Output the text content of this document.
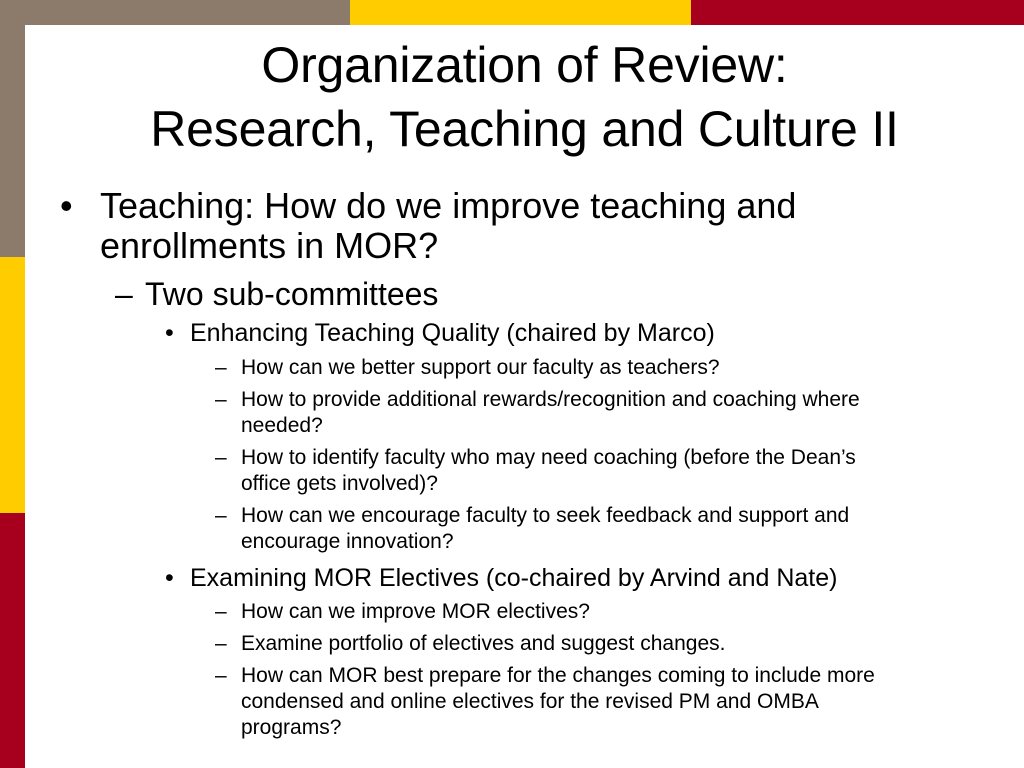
Organization of Review:
Research, Teaching and Culture II
• Teaching: How do we improve teaching and
enrollments in MOR?
– Two sub-committees
• Enhancing Teaching Quality (chaired by Marco)
– How can we better support our faculty as teachers?
– How to provide additional rewards/recognition and coaching where
needed?
– How to identify faculty who may need coaching (before the Dean’s
office gets involved)?
– How can we encourage faculty to seek feedback and support and
encourage innovation?
• Examining MOR Electives (co-chaired by Arvind and Nate)
– How can we improve MOR electives?
– Examine portfolio of electives and suggest changes.
– How can MOR best prepare for the changes coming to include more
condensed and online electives for the revised PM and OMBA
programs?
